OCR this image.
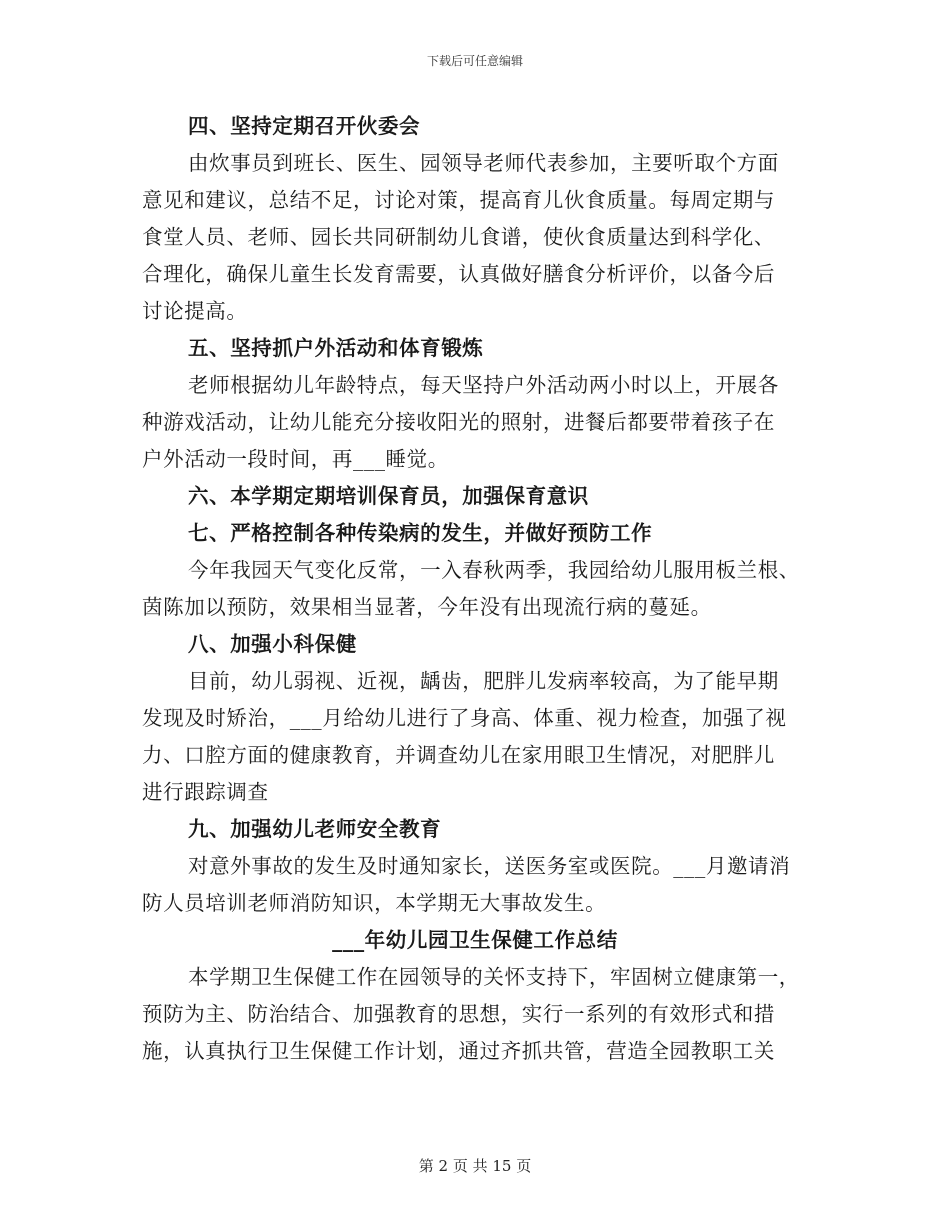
下载后可任意编辑
四、坚持定期召开伙委会
由炊事员到班长、医生、园领导老师代表参加，主要听取个方面
意见和建议，总结不足，讨论对策，提高育儿伙食质量。每周定期与
食堂人员、老师、园长共同研制幼儿食谱，使伙食质量达到科学化、
合理化，确保儿童生长发育需要，认真做好膳食分析评价，以备今后
讨论提高。
五、坚持抓户外活动和体育锻炼
老师根据幼儿年龄特点，每天坚持户外活动两小时以上，开展各
种游戏活动，让幼儿能充分接收阳光的照射，进餐后都要带着孩子在
户外活动一段时间，再___睡觉。
六、本学期定期培训保育员，加强保育意识
七、严格控制各种传染病的发生，并做好预防工作
今年我园天气变化反常，一入春秋两季，我园给幼儿服用板兰根、
茵陈加以预防，效果相当显著，今年没有出现流行病的蔓延。
八、加强小科保健
目前，幼儿弱视、近视，龋齿，肥胖儿发病率较高，为了能早期
发现及时矫治，___月给幼儿进行了身高、体重、视力检查，加强了视
力、口腔方面的健康教育，并调查幼儿在家用眼卫生情况，对肥胖儿
进行跟踪调查
九、加强幼儿老师安全教育
对意外事故的发生及时通知家长，送医务室或医院。___月邀请消
防人员培训老师消防知识，本学期无大事故发生。
___年幼儿园卫生保健工作总结
本学期卫生保健工作在园领导的关怀支持下，牢固树立健康第一，
预防为主、防治结合、加强教育的思想，实行一系列的有效形式和措
施，认真执行卫生保健工作计划，通过齐抓共管，营造全园教职工关
第 2 页 共 15 页
